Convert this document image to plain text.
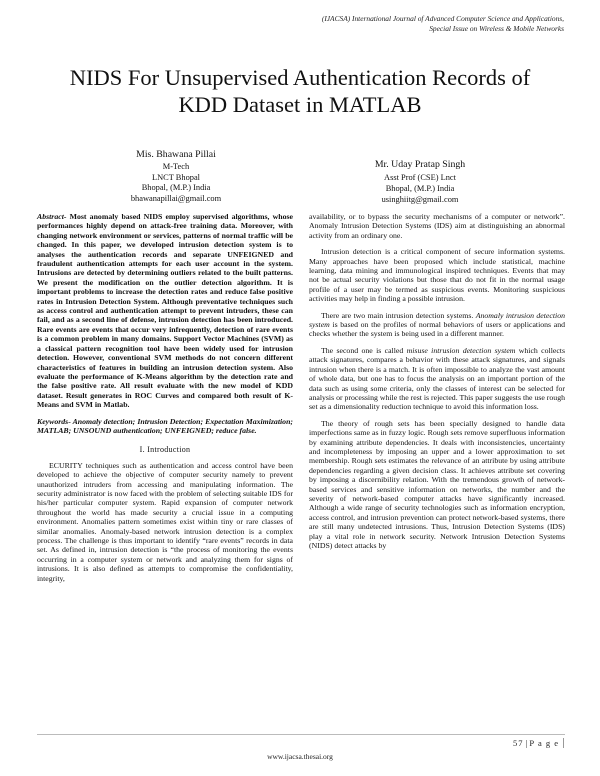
(IJACSA) International Journal of Advanced Computer Science and Applications,
Special Issue on Wireless & Mobile Networks
NIDS For Unsupervised Authentication Records of
KDD Dataset in MATLAB
Mis. Bhawana Pillai
M-Tech
LNCT Bhopal
Bhopal, (M.P.) India
bhawanapillai@gmail.com
Mr. Uday Pratap Singh
Asst Prof (CSE) Lnct
Bhopal, (M.P.) India
usinghiitg@gmail.com

Abstract- Most anomaly based NIDS employ supervised algorithms, whose performances highly depend on attack-free training data. Moreover, with changing network environment or services, patterns of normal traffic will be changed. In this paper, we developed intrusion detection system is to analyses the authentication records and separate UNFEIGNED and fraudulent authentication attempts for each user account in the system. Intrusions are detected by determining outliers related to the built patterns. We present the modification on the outlier detection algorithm. It is important problems to increase the detection rates and reduce false positive rates in Intrusion Detection System. Although preventative techniques such as access control and authentication attempt to prevent intruders, these can fail, and as a second line of defense, intrusion detection has been introduced. Rare events are events that occur very infrequently, detection of rare events is a common problem in many domains. Support Vector Machines (SVM) as a classical pattern recognition tool have been widely used for intrusion detection. However, conventional SVM methods do not concern different characteristics of features in building an intrusion detection system. Also evaluate the performance of K-Means algorithm by the detection rate and the false positive rate. All result evaluate with the new model of KDD dataset. Result generates in ROC Curves and compared both result of K-Means and SVM in Matlab.

Keywords- Anomaly detection; Intrusion Detection; Expectation Maximization; MATLAB; UNSOUND authentication; UNFEIGNED; reduce false.

I. Introduction

ECURITY techniques such as authentication and access control have been developed to achieve the objective of computer security namely to prevent unauthorized intruders from accessing and manipulating information. The security administrator is now faced with the problem of selecting suitable IDS for his/her particular computer system. Rapid expansion of computer network throughout the world has made security a crucial issue in a computing environment. Anomalies pattern sometimes exist within tiny or rare classes of similar anomalies. Anomaly-based network intrusion detection is a complex process. The challenge is thus important to identify “rare events” records in data set. As defined in, intrusion detection is “the process of monitoring the events occurring in a computer system or network and analyzing them for signs of intrusions. It is also defined as attempts to compromise the confidentiality, integrity,

availability, or to bypass the security mechanisms of a computer or network”. Anomaly Intrusion Detection Systems (IDS) aim at distinguishing an abnormal activity from an ordinary one.

Intrusion detection is a critical component of secure information systems. Many approaches have been proposed which include statistical, machine learning, data mining and immunological inspired techniques. Events that may not be actual security violations but those that do not fit in the normal usage profile of a user may be termed as suspicious events. Monitoring suspicious activities may help in finding a possible intrusion.

There are two main intrusion detection systems. Anomaly intrusion detection system is based on the profiles of normal behaviors of users or applications and checks whether the system is being used in a different manner.

The second one is called misuse intrusion detection system which collects attack signatures, compares a behavior with these attack signatures, and signals intrusion when there is a match. It is often impossible to analyze the vast amount of whole data, but one has to focus the analysis on an important portion of the data such as using some criteria, only the classes of interest can be selected for analysis or processing while the rest is rejected. This paper suggests the use rough set as a dimensionality reduction technique to avoid this information loss.

The theory of rough sets has been specially designed to handle data imperfections same as in fuzzy logic. Rough sets remove superfluous information by examining attribute dependencies. It deals with inconsistencies, uncertainty and incompleteness by imposing an upper and a lower approximation to set membership. Rough sets estimates the relevance of an attribute by using attribute dependencies regarding a given decision class. It achieves attribute set covering by imposing a discernibility relation. With the tremendous growth of network-based services and sensitive information on networks, the number and the severity of network-based computer attacks have significantly increased. Although a wide range of security technologies such as information encryption, access control, and intrusion prevention can protect network-based systems, there are still many undetected intrusions. Thus, Intrusion Detection Systems (IDS) play a vital role in network security. Network Intrusion Detection Systems (NIDS) detect attacks by

57 | P a g e
www.ijacsa.thesai.org
